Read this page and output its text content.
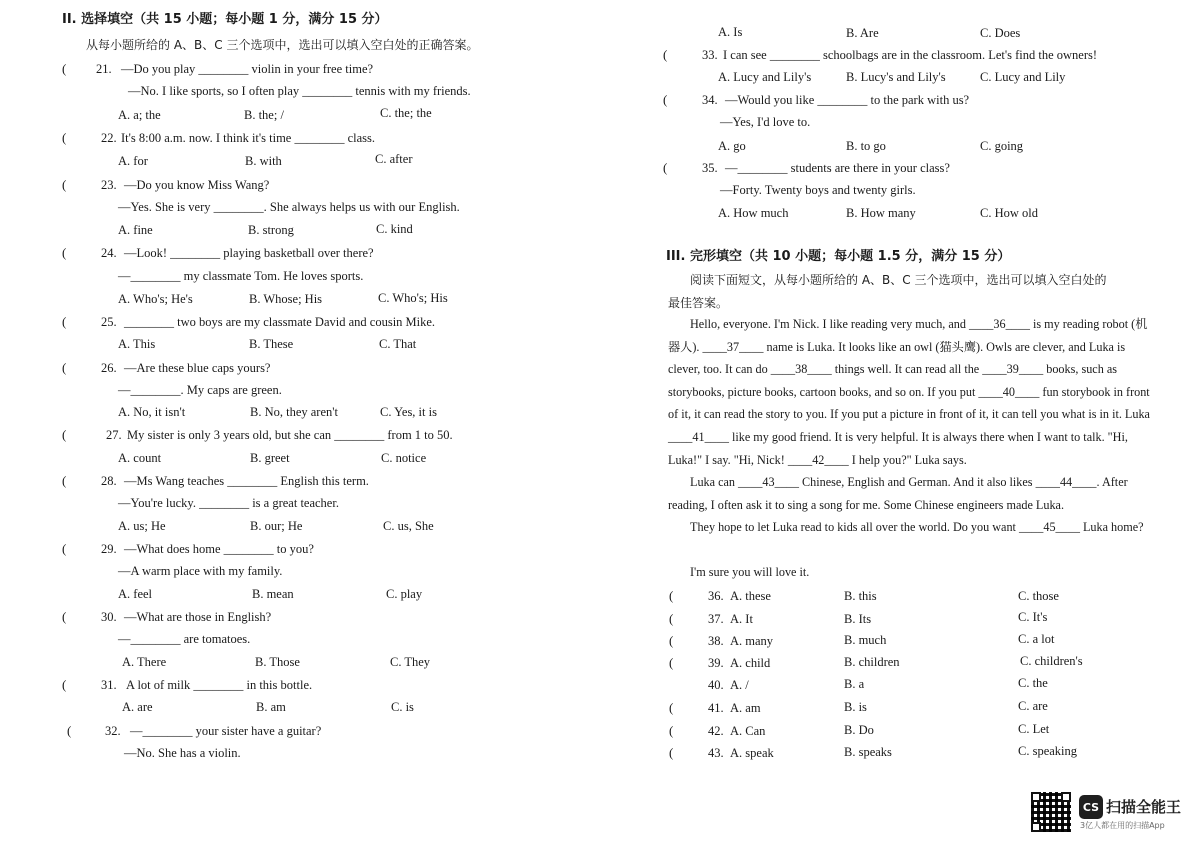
II. 选择填空（共 15 小题；每小题 1 分，满分 15 分）
从每小题所给的 A、B、C 三个选项中，选出可以填入空白处的正确答案。
( 21. —Do you play ________ violin in your free time?
—No. I like sports, so I often play ________ tennis with my friends.
A. a; the	B. the; /	C. the; the
(	22. It's 8:00 a.m. now. I think it's time ________ class.
A. for	B. with	C. after
(	23. —Do you know Miss Wang?
—Yes. She is very ________. She always helps us with our English.
A. fine	B. strong	C. kind
(	24. —Look! ________ playing basketball over there?
—________ my classmate Tom. He loves sports.
A. Who's; He's	B. Whose; His	C. Who's; His
(	25. ________ two boys are my classmate David and cousin Mike.
A. This	B. These	C. That
(	26. —Are these blue caps yours?
—________. My caps are green.
A. No, it isn't	B. No, they aren't	C. Yes, it is
(	27. My sister is only 3 years old, but she can ________ from 1 to 50.
A. count	B. greet	C. notice
(	28. —Ms Wang teaches ________ English this term.
—You're lucky. ________ is a great teacher.
A. us; He	B. our; He	C. us, She
(	29. —What does home ________ to you?
—A warm place with my family.
A. feel	B. mean	C. play
(	30. —What are those in English?
—________ are tomatoes.
A. There	B. Those	C. They
(	31. A lot of milk ________ in this bottle.
A. are	B. am	C. is
(	32. —________ your sister have a guitar?
—No. She has a violin.
A. Is	B. Are	C. Does
(	33. I can see ________ schoolbags are in the classroom. Let's find the owners!
A. Lucy and Lily's	B. Lucy's and Lily's	C. Lucy and Lily
(	34. —Would you like ________ to the park with us?
—Yes, I'd love to.
A. go	B. to go	C. going
(	35. —________ students are there in your class?
—Forty. Twenty boys and twenty girls.
A. How much	B. How many	C. How old
III. 完形填空（共 10 小题；每小题 1.5 分，满分 15 分）
阅读下面短文，从每小题所给的 A、B、C 三个选项中，选出可以填入空白处的
最佳答案。
Hello, everyone. I'm Nick. I like reading very much, and ____36____ is my reading robot (机器人). ____37____ name is Luka. It looks like an owl (猫头鹰). Owls are clever, and Luka is clever, too. It can do ____38____ things well. It can read all the ____39____ books, such as storybooks, picture books, cartoon books, and so on. If you put ____40____ fun storybook in front of it, it can read the story to you. If you put a picture in front of it, it can tell you what is in it. Luka ____41____ like my good friend. It is very helpful. It is always there when I want to talk. "Hi, Luka!" I say. "Hi, Nick! ____42____ I help you?" Luka says.
Luka can ____43____ Chinese, English and German. And it also likes ____44____. After reading, I often ask it to sing a song for me. Some Chinese engineers made Luka.
They hope to let Luka read to kids all over the world. Do you want ____45____ Luka home?
I'm sure you will love it.
(	36. A. these	B. this	C. those
(	37. A. It	B. Its	C. It's
(	38. A. many	B. much	C. a lot
(	39. A. child	B. children	C. children's
40. A. /	B. a	C. the
(	41. A. am	B. is	C. are
(	42. A. Can	B. Do	C. Let
(	43. A. speak	B. speaks	C. speaking
CS 扫描全能王
3亿人都在用的扫描App
